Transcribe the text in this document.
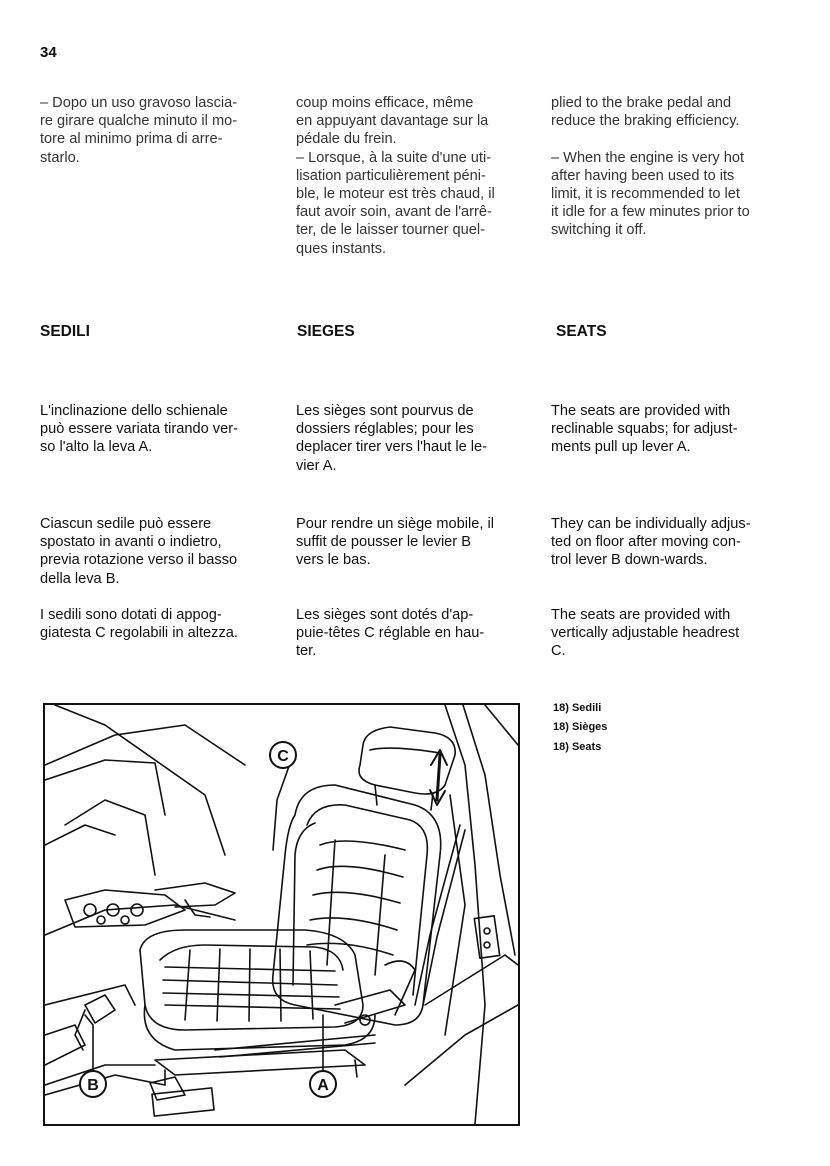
34

– Dopo un uso gravoso lascia-
re girare qualche minuto il mo-
tore al minimo prima di arre-
starlo.

coup moins efficace, même
en appuyant davantage sur la
pédale du frein.
– Lorsque, à la suite d'une uti-
lisation particulièrement péni-
ble, le moteur est très chaud, il
faut avoir soin, avant de l'arrê-
ter, de le laisser tourner quel-
ques instants.

plied to the brake pedal and
reduce the braking efficiency.

– When the engine is very hot
after having been used to its
limit, it is recommended to let
it idle for a few minutes prior to
switching it off.

SEDILI	SIEGES	SEATS

L'inclinazione dello schienale
può essere variata tirando ver-
so l'alto la leva A.

Les sièges sont pourvus de
dossiers réglables; pour les
deplacer tirer vers l'haut le le-
vier A.

The seats are provided with
reclinable squabs; for adjust-
ments pull up lever A.

Ciascun sedile può essere
spostato in avanti o indietro,
previa rotazione verso il basso
della leva B.

Pour rendre un siège mobile, il
suffit de pousser le levier B
vers le bas.

They can be individually adjus-
ted on floor after moving con-
trol lever B down-wards.

I sedili sono dotati di appog-
giatesta C regolabili in altezza.

Les sièges sont dotés d'ap-
puie-têtes C réglable en hau-
ter.

The seats are provided with
vertically adjustable headrest
C.

C
A
B
18) Sedili
18) Sièges
18) Seats
